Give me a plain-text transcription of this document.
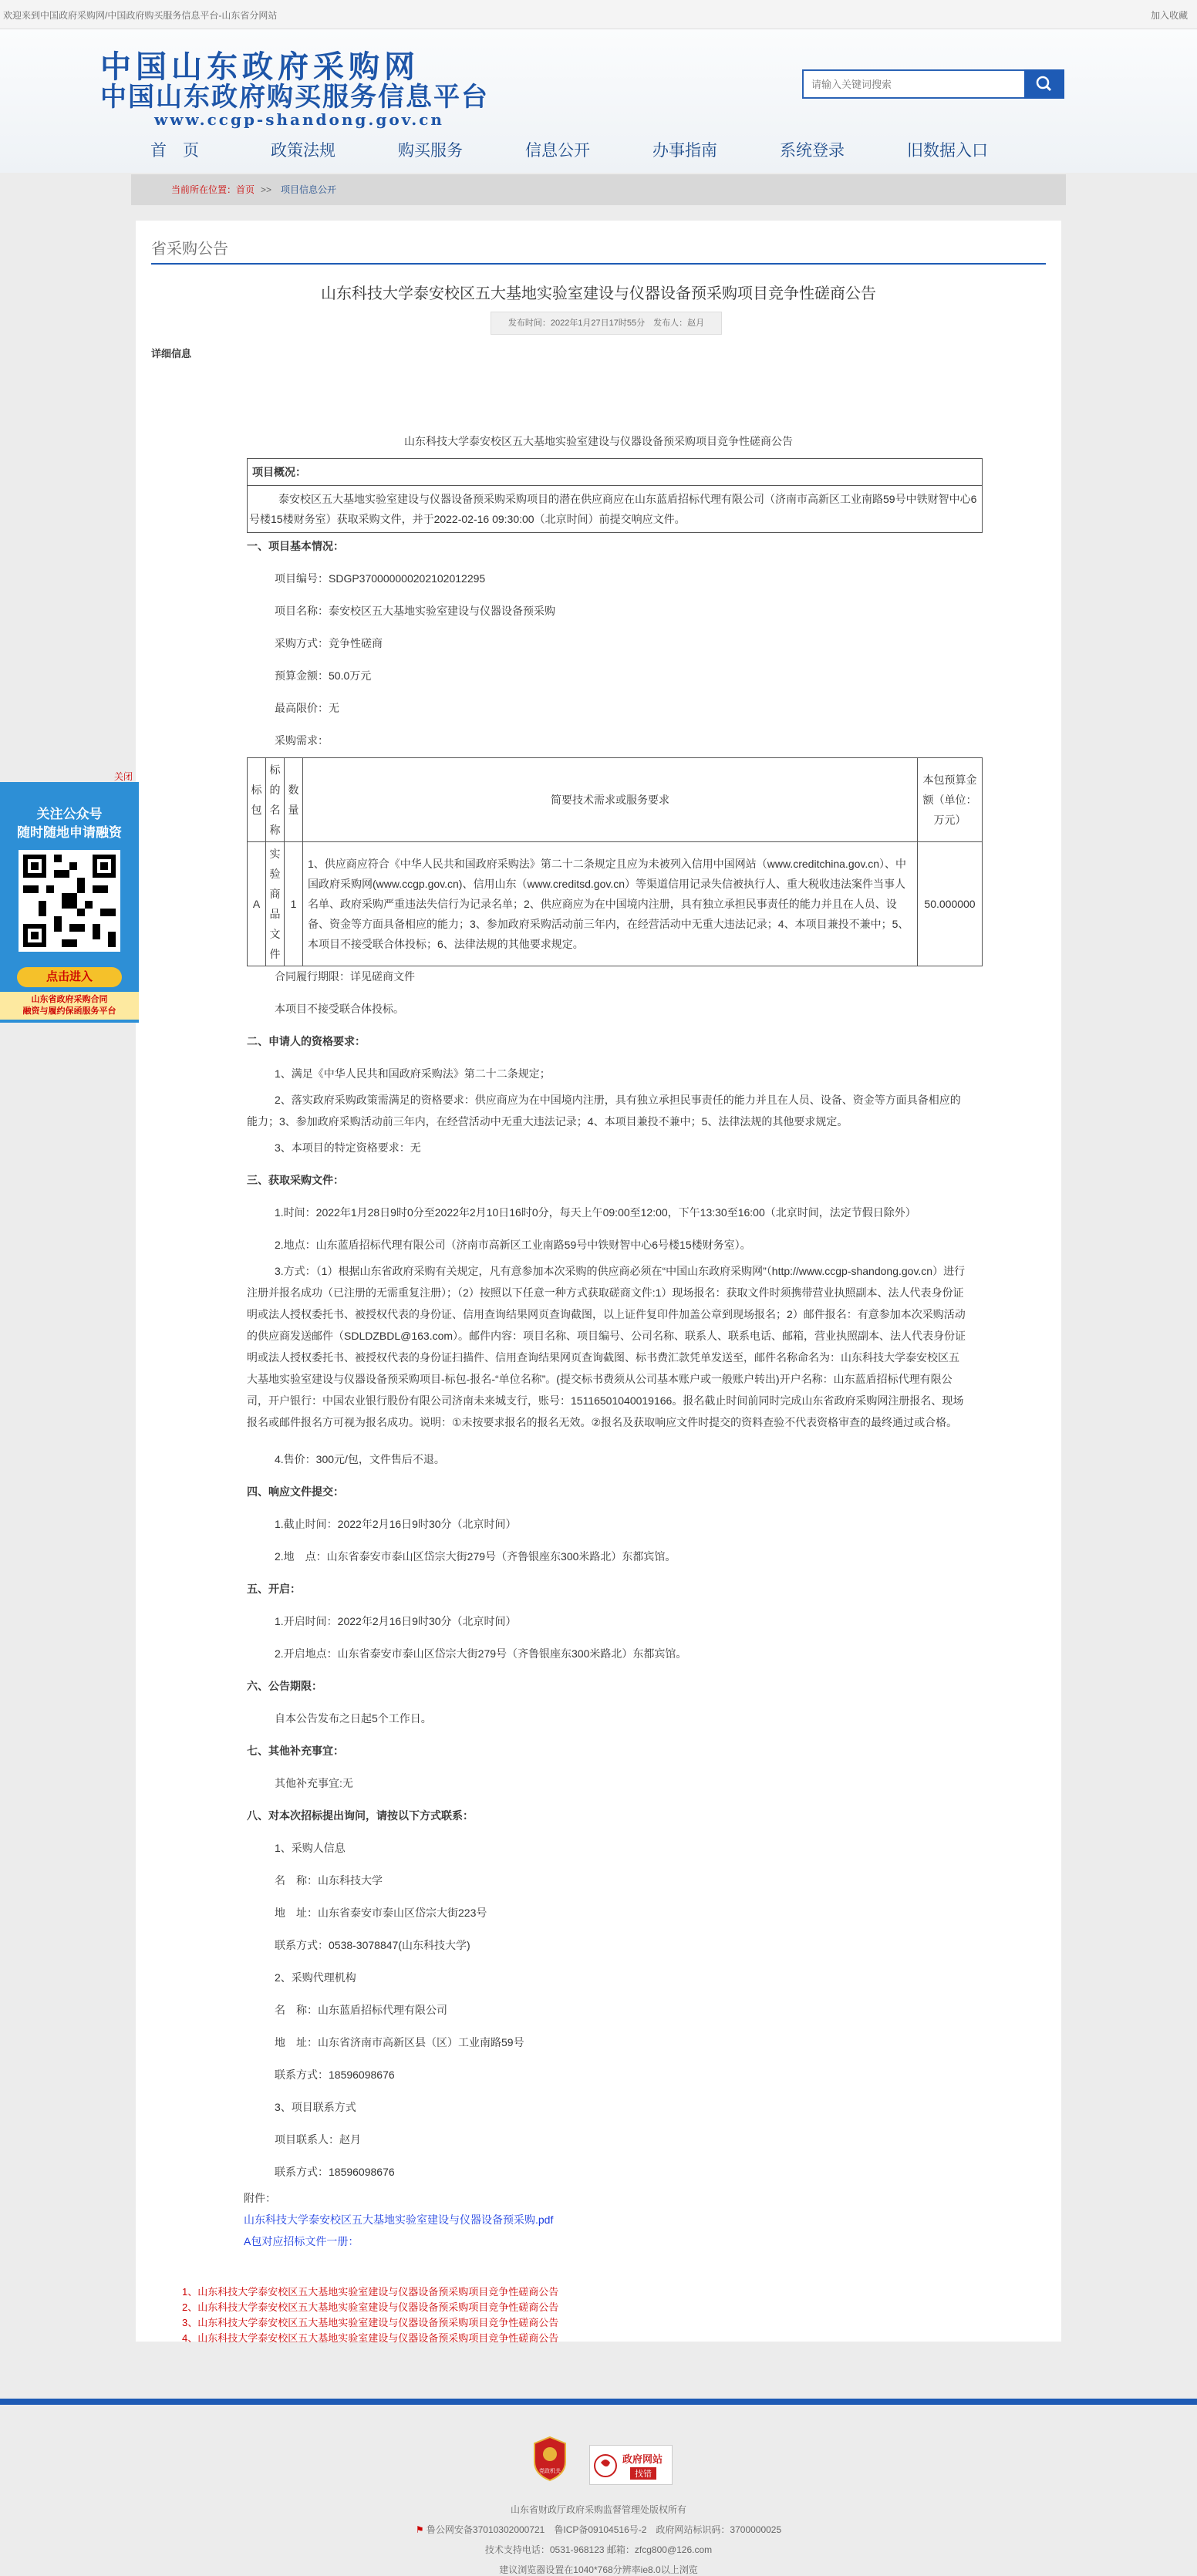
欢迎来到中国政府采购网/中国政府购买服务信息平台-山东省分网站	加入收藏
中国山东政府采购网
中国山东政府购买服务信息平台
www.ccgp-shandong.gov.cn
请输入关键词搜索
首　页	政策法规	购买服务	信息公开	办事指南	系统登录	旧数据入口
当前所在位置：首页 >> 项目信息公开
省采购公告
山东科技大学泰安校区五大基地实验室建设与仪器设备预采购项目竞争性磋商公告
发布时间：2022年1月27日17时55分　发布人：赵月
详细信息
山东科技大学泰安校区五大基地实验室建设与仪器设备预采购项目竞争性磋商公告
项目概况：
泰安校区五大基地实验室建设与仪器设备预采购采购项目的潜在供应商应在山东蓝盾招标代理有限公司（济南市高新区工业南路59号中铁财智中心6号楼15楼财务室）获取采购文件，并于2022-02-16 09:30:00（北京时间）前提交响应文件。
一、项目基本情况：
项目编号：SDGP370000000202102012295
项目名称：泰安校区五大基地实验室建设与仪器设备预采购
采购方式：竞争性磋商
预算金额：50.0万元
最高限价：无
采购需求：
标包	标的名称	数量	简要技术需求或服务要求	本包预算金额（单位：万元）
A	实验商品文件	1	1、供应商应符合《中华人民共和国政府采购法》第二十二条规定且应为未被列入信用中国网站（www.creditchina.gov.cn）、中国政府采购网(www.ccgp.gov.cn)、信用山东（www.creditsd.gov.cn）等渠道信用记录失信被执行人、重大税收违法案件当事人名单、政府采购严重违法失信行为记录名单；2、供应商应为在中国境内注册，具有独立承担民事责任的能力并且在人员、设备、资金等方面具备相应的能力；3、参加政府采购活动前三年内，在经营活动中无重大违法记录；4、本项目兼投不兼中；5、本项目不接受联合体投标；6、法律法规的其他要求规定。	50.000000
合同履行期限：详见磋商文件
本项目不接受联合体投标。
二、申请人的资格要求：
1、满足《中华人民共和国政府采购法》第二十二条规定；
2、落实政府采购政策需满足的资格要求：供应商应为在中国境内注册，具有独立承担民事责任的能力并且在人员、设备、资金等方面具备相应的能力；3、参加政府采购活动前三年内，在经营活动中无重大违法记录；4、本项目兼投不兼中；5、法律法规的其他要求规定。
3、本项目的特定资格要求：无
三、获取采购文件：
1.时间：2022年1月28日9时0分至2022年2月10日16时0分，每天上午09:00至12:00，下午13:30至16:00（北京时间，法定节假日除外）
2.地点：山东蓝盾招标代理有限公司（济南市高新区工业南路59号中铁财智中心6号楼15楼财务室）。
3.方式：（1）根据山东省政府采购有关规定，凡有意参加本次采购的供应商必须在“中国山东政府采购网”（http://www.ccgp-shandong.gov.cn）进行注册并报名成功（已注册的无需重复注册）；（2）按照以下任意一种方式获取磋商文件:1）现场报名：获取文件时须携带营业执照副本、法人代表身份证明或法人授权委托书、被授权代表的身份证、信用查询结果网页查询截图，以上证件复印件加盖公章到现场报名；2）邮件报名：有意参加本次采购活动的供应商发送邮件（SDLDZBDL@163.com）。邮件内容：项目名称、项目编号、公司名称、联系人、联系电话、邮箱，营业执照副本、法人代表身份证明或法人授权委托书、被授权代表的身份证扫描件、信用查询结果网页查询截图、标书费汇款凭单发送至，邮件名称命名为：山东科技大学泰安校区五大基地实验室建设与仪器设备预采购项目-标包-报名-“单位名称”。(提交标书费须从公司基本账户或一般账户转出)开户名称：山东蓝盾招标代理有限公司，开户银行：中国农业银行股份有限公司济南未来城支行，账号：15116501040019166。报名截止时间前同时完成山东省政府采购网注册报名、现场报名或邮件报名方可视为报名成功。说明：①未按要求报名的报名无效。②报名及获取响应文件时提交的资料查验不代表资格审查的最终通过或合格。
4.售价：300元/包，文件售后不退。
四、响应文件提交：
1.截止时间：2022年2月16日9时30分（北京时间）
2.地　点：山东省泰安市泰山区岱宗大街279号（齐鲁银座东300米路北）东都宾馆。
五、开启：
1.开启时间：2022年2月16日9时30分（北京时间）
2.开启地点：山东省泰安市泰山区岱宗大街279号（齐鲁银座东300米路北）东都宾馆。
六、公告期限：
自本公告发布之日起5个工作日。
七、其他补充事宜：
其他补充事宜:无
八、对本次招标提出询问，请按以下方式联系：
1、采购人信息
名　称：山东科技大学
地　址：山东省泰安市泰山区岱宗大街223号
联系方式：0538-3078847(山东科技大学)
2、采购代理机构
名　称：山东蓝盾招标代理有限公司
地　址：山东省济南市高新区县（区）工业南路59号
联系方式：18596098676
3、项目联系方式
项目联系人：赵月
联系方式：18596098676
附件：
山东科技大学泰安校区五大基地实验室建设与仪器设备预采购.pdf
A包对应招标文件一册：
1、山东科技大学泰安校区五大基地实验室建设与仪器设备预采购项目竞争性磋商公告
2、山东科技大学泰安校区五大基地实验室建设与仪器设备预采购项目竞争性磋商公告
3、山东科技大学泰安校区五大基地实验室建设与仪器设备预采购项目竞争性磋商公告
4、山东科技大学泰安校区五大基地实验室建设与仪器设备预采购项目竞争性磋商公告
关闭
关注公众号
随时随地申请融资
点击进入
山东省政府采购合同
融资与履约保函服务平台
党政机关
政府网站
找错
山东省财政厅政府采购监督管理处版权所有
⚑ 鲁公网安备37010302000721　鲁ICP备09104516号-2　政府网站标识码：3700000025
技术支持电话：0531-968123 邮箱：zfcg800@126.com
建议浏览器设置在1040*768分辨率ie8.0以上浏览
